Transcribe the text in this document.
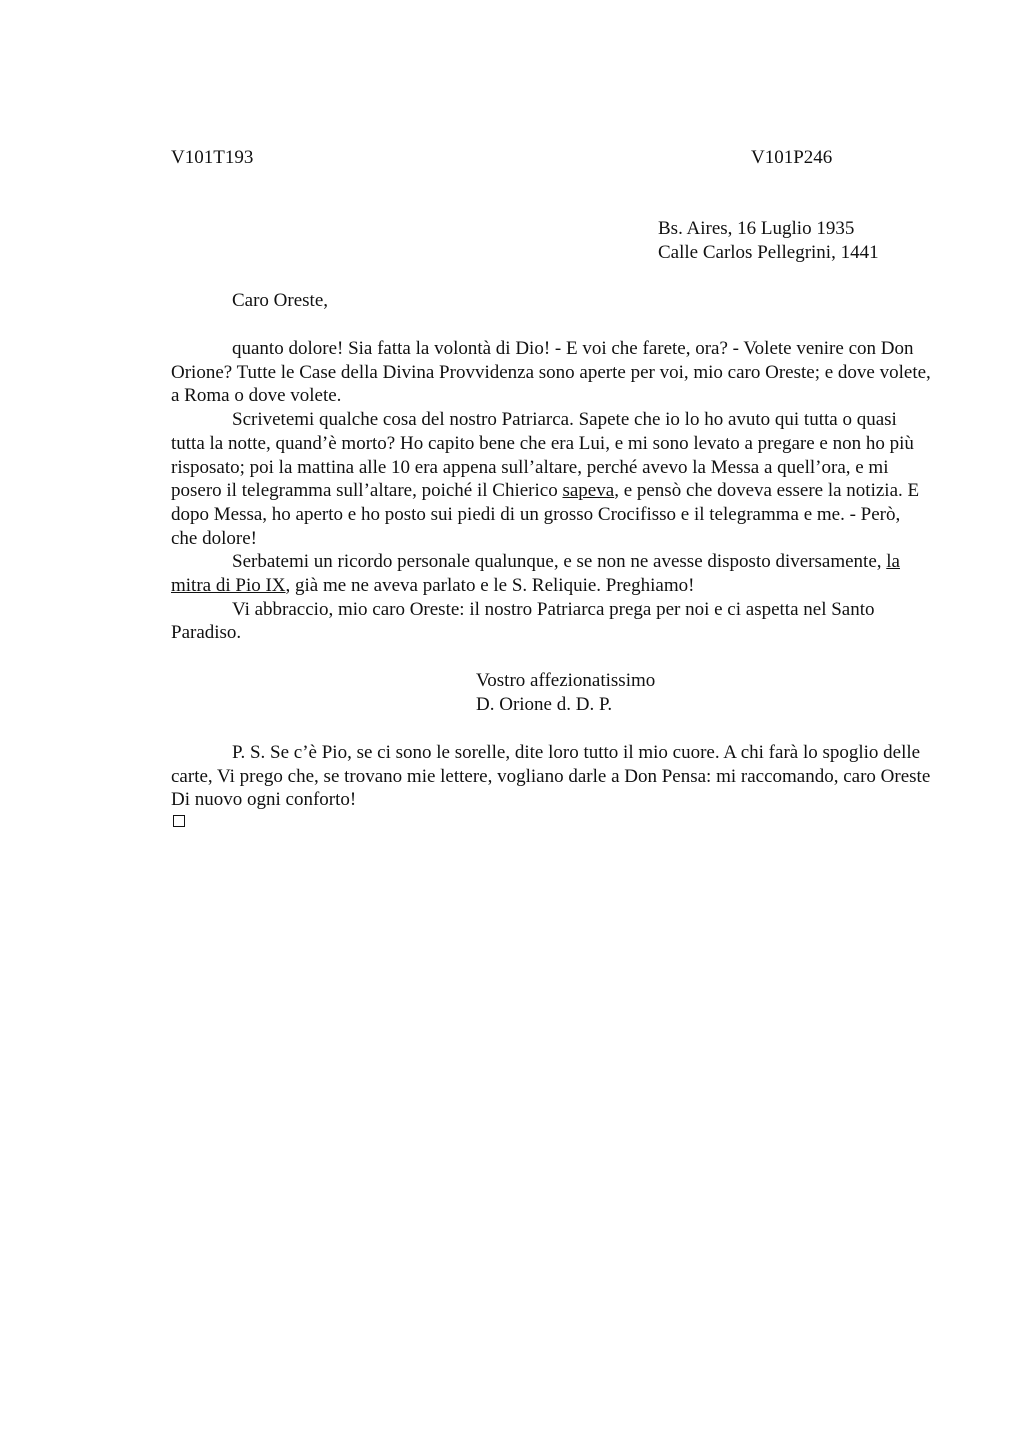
V101T193	V101P246
Bs. Aires, 16 Luglio 1935
Calle Carlos Pellegrini, 1441
Caro Oreste,

quanto dolore! Sia fatta la volontà di Dio! - E voi che farete, ora? - Volete venire con Don Orione? Tutte le Case della Divina Provvidenza sono aperte per voi, mio caro Oreste; e dove volete, a Roma o dove volete.

Scrivetemi qualche cosa del nostro Patriarca. Sapete che io lo ho avuto qui tutta o quasi tutta la notte, quand’è morto? Ho capito bene che era Lui, e mi sono levato a pregare e non ho più risposato; poi la mattina alle 10 era appena sull’altare, perché avevo la Messa a quell’ora, e mi posero il telegramma sull’altare, poiché il Chierico sapeva, e pensò che doveva essere la notizia. E dopo Messa, ho aperto e ho posto sui piedi di un grosso Crocifisso e il telegramma e me. - Però, che dolore!

Serbatemi un ricordo personale qualunque, e se non ne avesse disposto diversamente, la mitra di Pio IX, già me ne aveva parlato e le S. Reliquie. Preghiamo!

Vi abbraccio, mio caro Oreste: il nostro Patriarca prega per noi e ci aspetta nel Santo Paradiso.

Vostro affezionatissimo
D. Orione d. D. P.

P. S. Se c’è Pio, se ci sono le sorelle, dite loro tutto il mio cuore. A chi farà lo spoglio delle carte, Vi prego che, se trovano mie lettere, vogliano darle a Don Pensa: mi raccomando, caro Oreste Di nuovo ogni conforto!
